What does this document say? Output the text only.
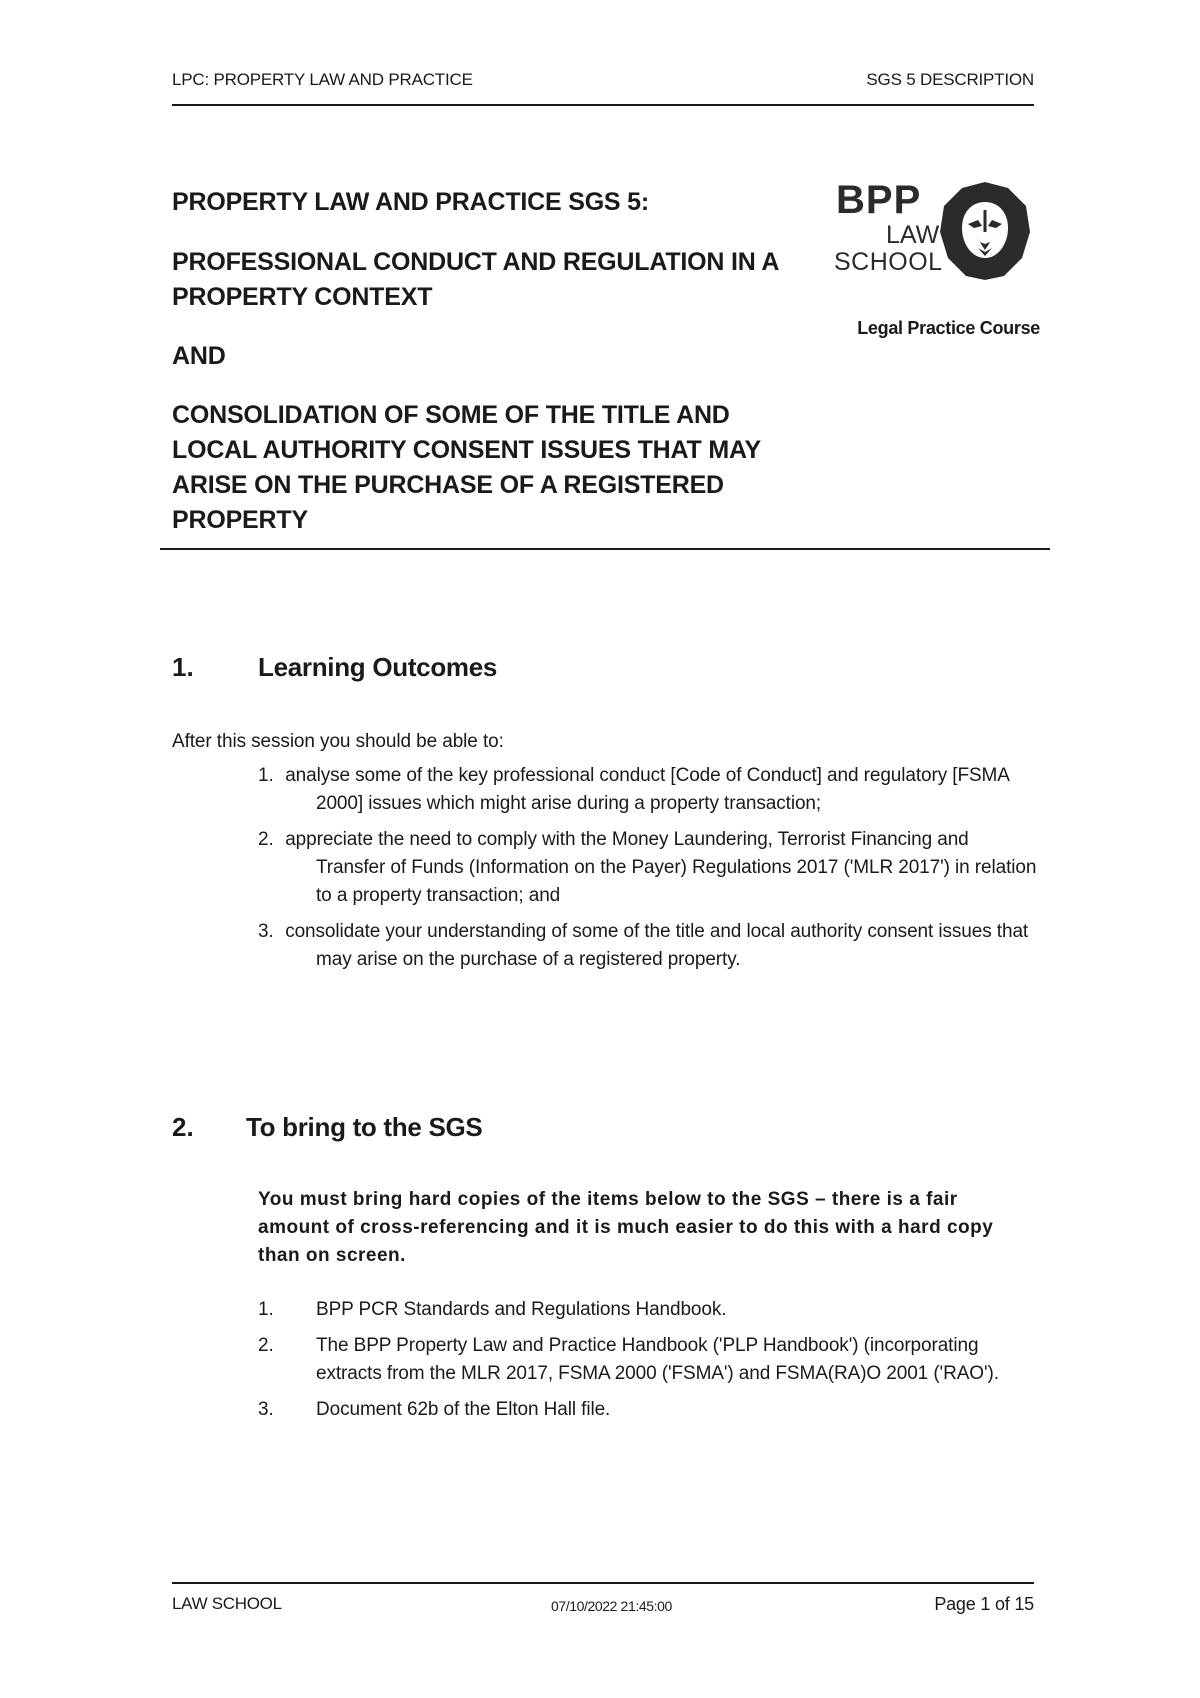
LPC: PROPERTY LAW AND PRACTICE	SGS 5 DESCRIPTION
PROPERTY LAW AND PRACTICE SGS 5:
PROFESSIONAL CONDUCT AND REGULATION IN A PROPERTY CONTEXT
AND
CONSOLIDATION OF SOME OF THE TITLE AND LOCAL AUTHORITY CONSENT ISSUES THAT MAY ARISE ON THE PURCHASE OF A REGISTERED PROPERTY
BPP
LAW
SCHOOL
Legal Practice Course
1. Learning Outcomes
After this session you should be able to:
1. analyse some of the key professional conduct [Code of Conduct] and regulatory [FSMA 2000] issues which might arise during a property transaction;
2. appreciate the need to comply with the Money Laundering, Terrorist Financing and Transfer of Funds (Information on the Payer) Regulations 2017 ('MLR 2017') in relation to a property transaction; and
3. consolidate your understanding of some of the title and local authority consent issues that may arise on the purchase of a registered property.
2. To bring to the SGS
You must bring hard copies of the items below to the SGS – there is a fair amount of cross-referencing and it is much easier to do this with a hard copy than on screen.
1.	BPP PCR Standards and Regulations Handbook.
2.	The BPP Property Law and Practice Handbook ('PLP Handbook') (incorporating extracts from the MLR 2017, FSMA 2000 ('FSMA') and FSMA(RA)O 2001 ('RAO').
3.	Document 62b of the Elton Hall file.
LAW SCHOOL	07/10/2022 21:45:00	Page 1 of 15
